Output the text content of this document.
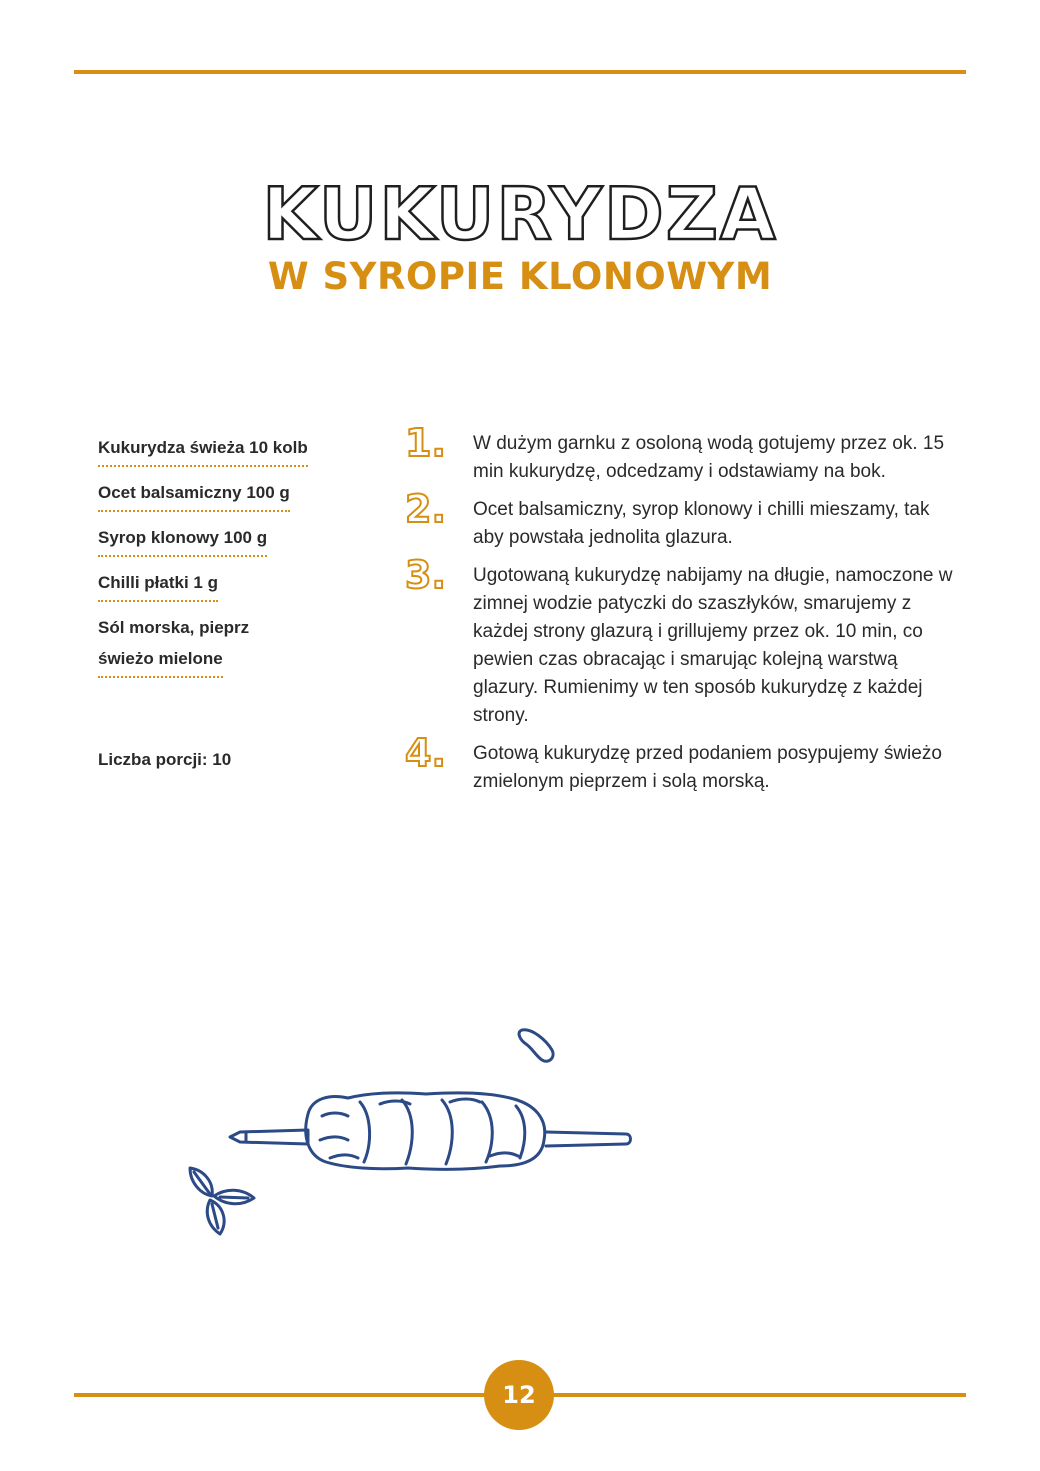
KUKURYDZA
W SYROPIE KLONOWYM
Kukurydza świeża 10 kolb
Ocet balsamiczny 100 g
Syrop klonowy 100 g
Chilli płatki 1 g
Sól morska, pieprz
świeżo mielone
Liczba porcji: 10
1. W dużym garnku z osoloną wodą gotujemy przez ok. 15 min kukurydzę, odcedzamy i odstawiamy na bok.
2. Ocet balsamiczny, syrop klonowy i chilli mieszamy, tak aby powstała jednolita glazura.
3. Ugotowaną kukurydzę nabijamy na długie, namoczone w zimnej wodzie patyczki do szaszłyków, smarujemy z każdej strony glazurą i grillujemy przez ok. 10 min, co pewien czas obracając i smarując kolejną warstwą glazury. Rumienimy w ten sposób kukurydzę z każdej strony.
4. Gotową kukurydzę przed podaniem posypujemy świeżo zmielonym pieprzem i solą morską.
12
